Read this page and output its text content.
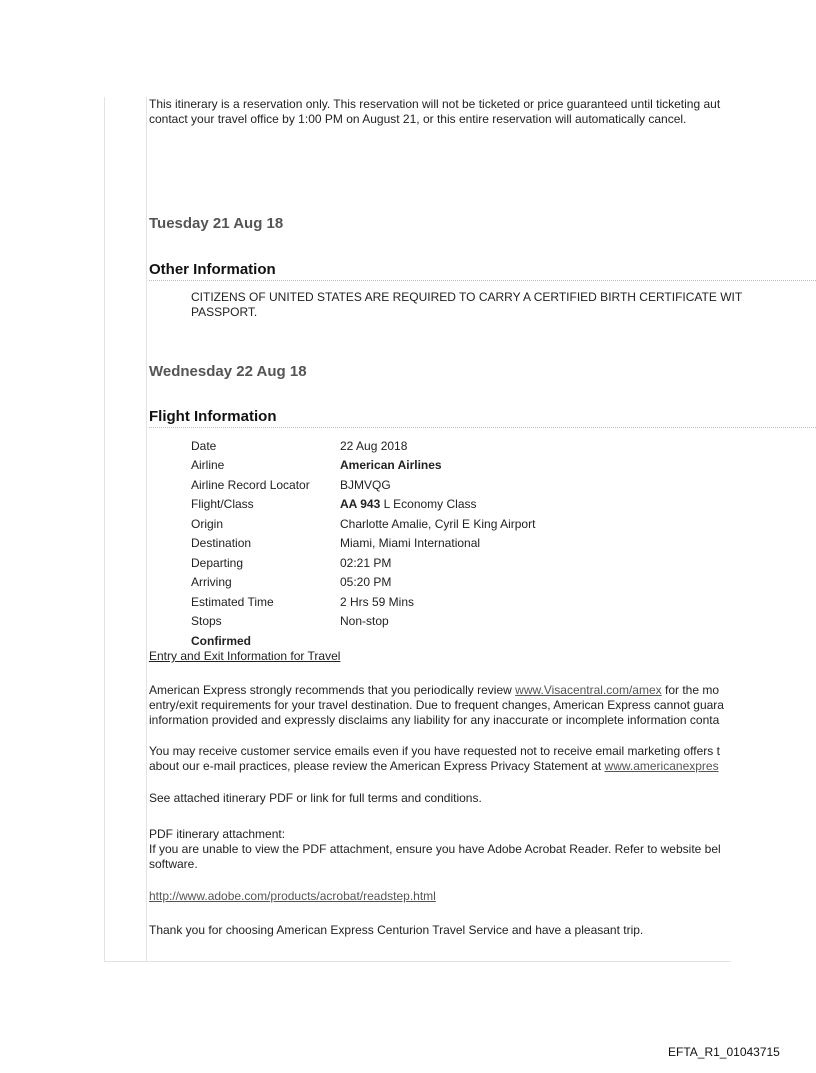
This itinerary is a reservation only. This reservation will not be ticketed or price guaranteed until ticketing aut
contact your travel office by 1:00 PM on August 21, or this entire reservation will automatically cancel.
Tuesday 21 Aug 18
Other Information
CITIZENS OF UNITED STATES ARE REQUIRED TO CARRY A CERTIFIED BIRTH CERTIFICATE WIT
PASSPORT.
Wednesday 22 Aug 18
Flight Information
Date	22 Aug 2018
Airline	American Airlines
Airline Record Locator	BJMVQG
Flight/Class	AA 943 L Economy Class
Origin	Charlotte Amalie, Cyril E King Airport
Destination	Miami, Miami International
Departing	02:21 PM
Arriving	05:20 PM
Estimated Time	2 Hrs 59 Mins
Stops	Non-stop
Confirmed
Entry and Exit Information for Travel
American Express strongly recommends that you periodically review www.Visacentral.com/amex for the mo
entry/exit requirements for your travel destination. Due to frequent changes, American Express cannot guara
information provided and expressly disclaims any liability for any inaccurate or incomplete information conta
You may receive customer service emails even if you have requested not to receive email marketing offers t
about our e-mail practices, please review the American Express Privacy Statement at www.americanexpres
See attached itinerary PDF or link for full terms and conditions.
PDF itinerary attachment:
If you are unable to view the PDF attachment, ensure you have Adobe Acrobat Reader. Refer to website bel
software.
http://www.adobe.com/products/acrobat/readstep.html
Thank you for choosing American Express Centurion Travel Service and have a pleasant trip.
EFTA_R1_01043715
